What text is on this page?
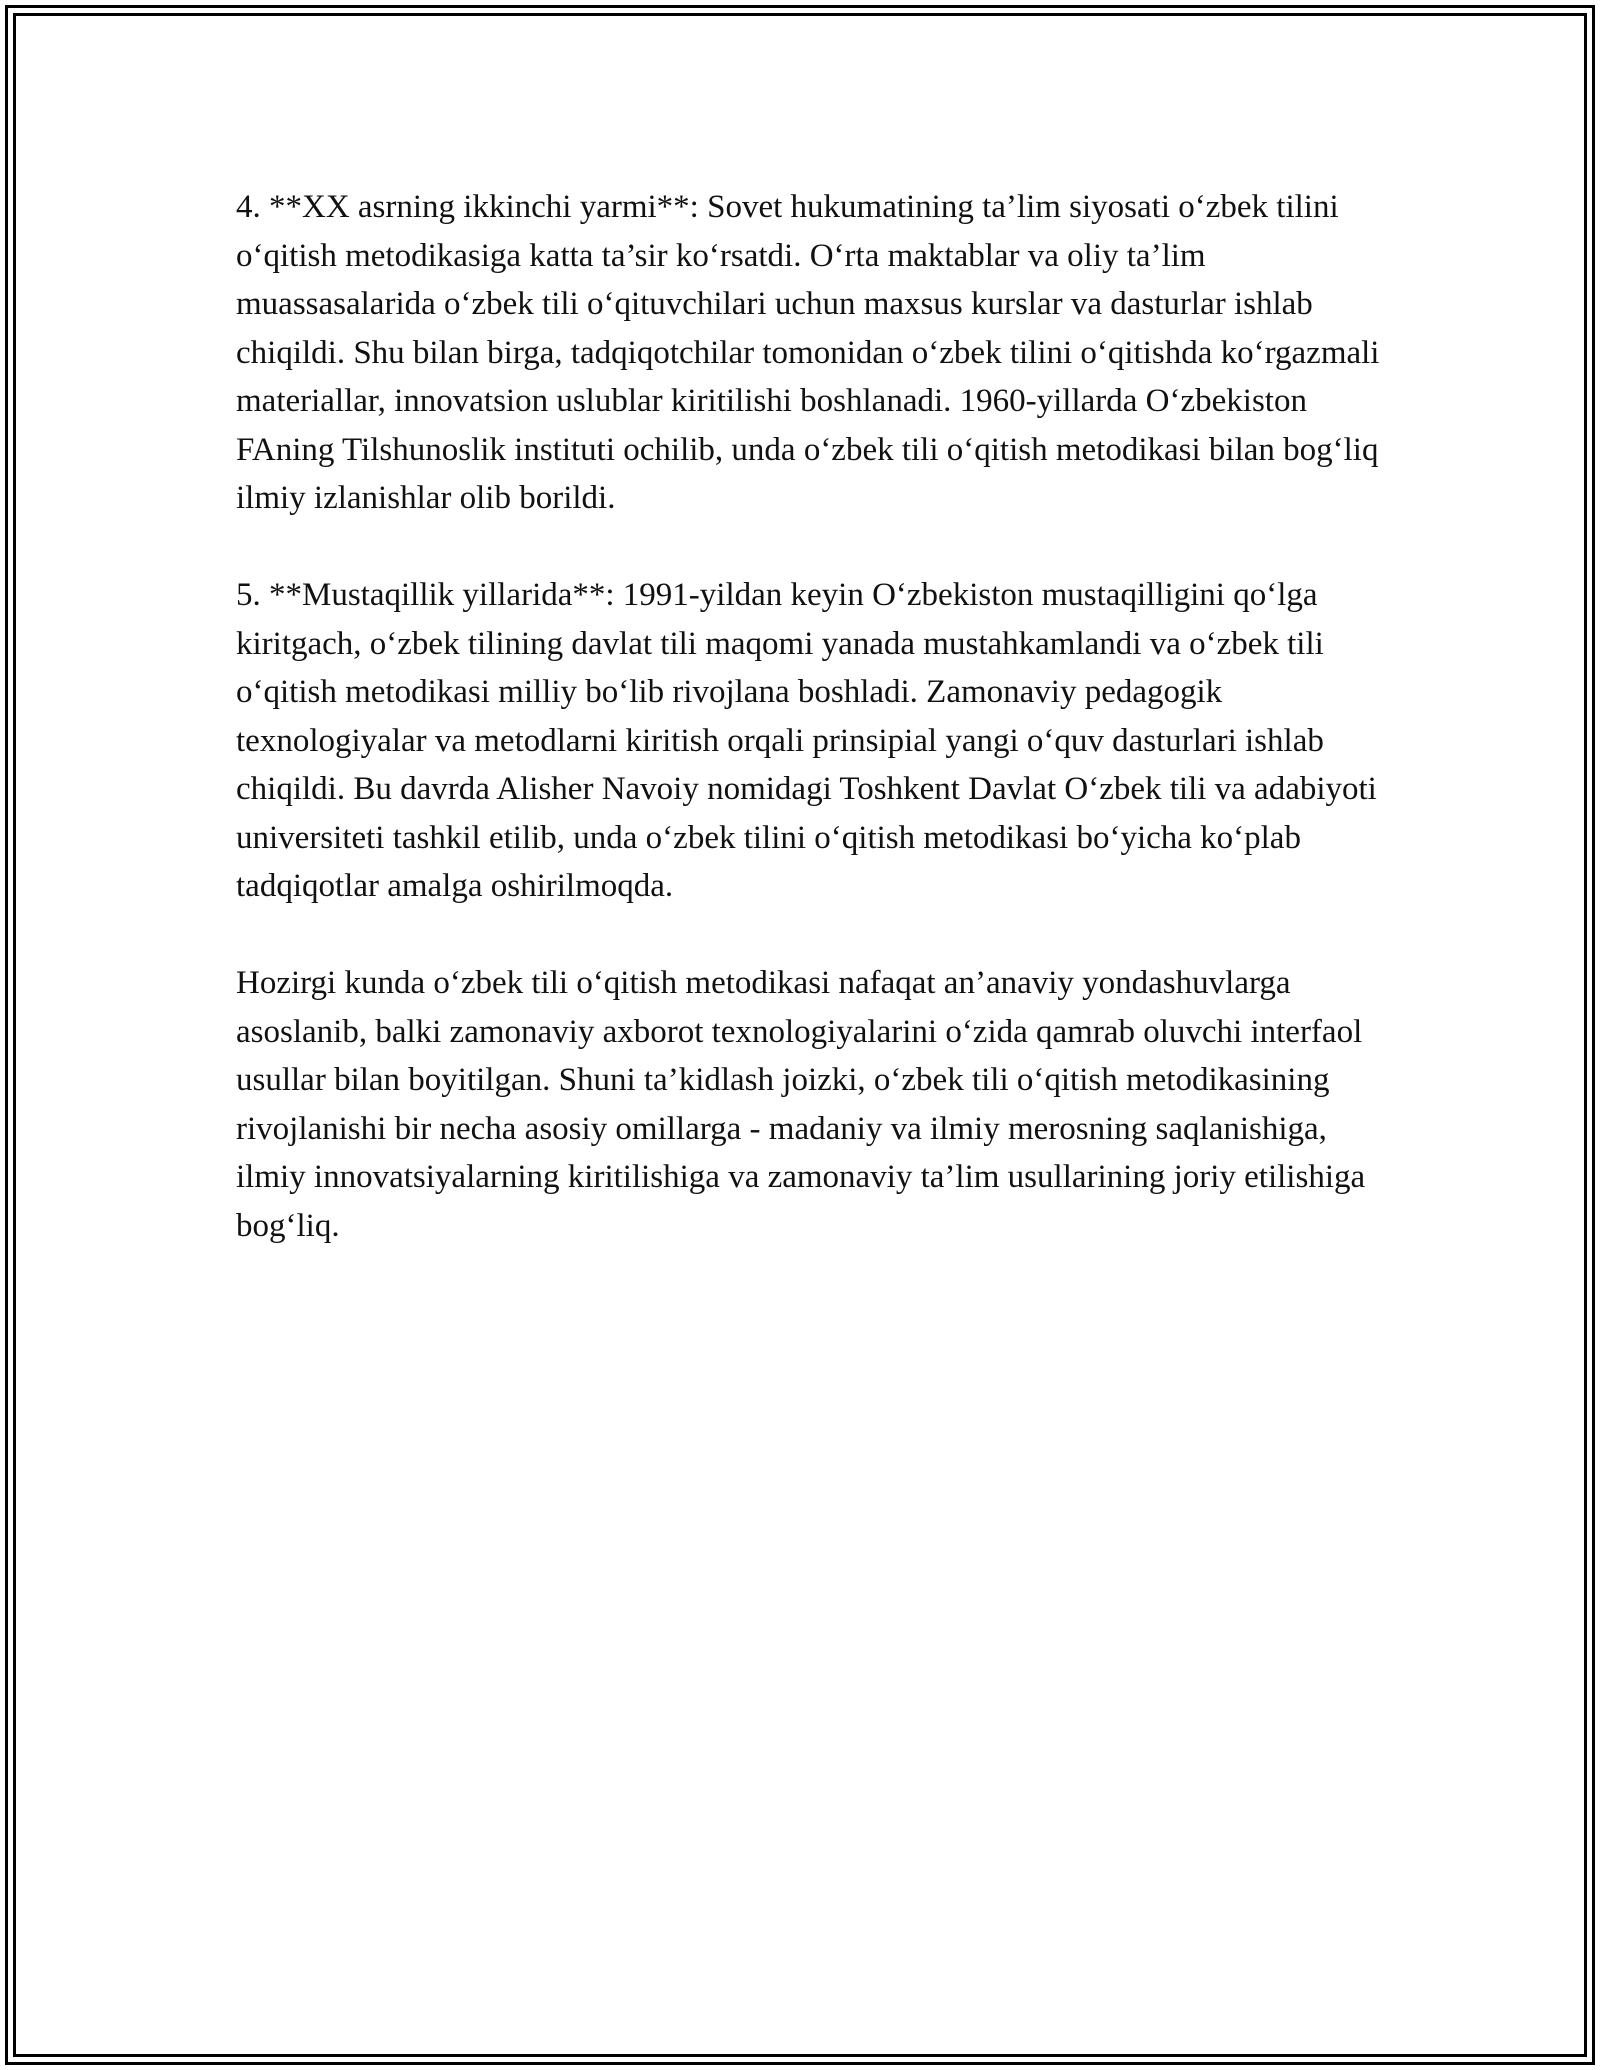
4. **XX asrning ikkinchi yarmi**: Sovet hukumatining ta’lim siyosati o‘zbek tilini o‘qitish metodikasiga katta ta’sir ko‘rsatdi. O‘rta maktablar va oliy ta’lim muassasalarida o‘zbek tili o‘qituvchilari uchun maxsus kurslar va dasturlar ishlab chiqildi. Shu bilan birga, tadqiqotchilar tomonidan o‘zbek tilini o‘qitishda ko‘rgazmali materiallar, innovatsion uslublar kiritilishi boshlanadi. 1960-yillarda O‘zbekiston FAning Tilshunoslik instituti ochilib, unda o‘zbek tili o‘qitish metodikasi bilan bog‘liq ilmiy izlanishlar olib borildi.

5. **Mustaqillik yillarida**: 1991-yildan keyin O‘zbekiston mustaqilligini qo‘lga kiritgach, o‘zbek tilining davlat tili maqomi yanada mustahkamlandi va o‘zbek tili o‘qitish metodikasi milliy bo‘lib rivojlana boshladi. Zamonaviy pedagogik texnologiyalar va metodlarni kiritish orqali prinsipial yangi o‘quv dasturlari ishlab chiqildi. Bu davrda Alisher Navoiy nomidagi Toshkent Davlat O‘zbek tili va adabiyoti universiteti tashkil etilib, unda o‘zbek tilini o‘qitish metodikasi bo‘yicha ko‘plab tadqiqotlar amalga oshirilmoqda.

Hozirgi kunda o‘zbek tili o‘qitish metodikasi nafaqat an’anaviy yondashuvlarga asoslanib, balki zamonaviy axborot texnologiyalarini o‘zida qamrab oluvchi interfaol usullar bilan boyitilgan. Shuni ta’kidlash joizki, o‘zbek tili o‘qitish metodikasining rivojlanishi bir necha asosiy omillarga - madaniy va ilmiy merosning saqlanishiga, ilmiy innovatsiyalarning kiritilishiga va zamonaviy ta’lim usullarining joriy etilishiga bog‘liq.
